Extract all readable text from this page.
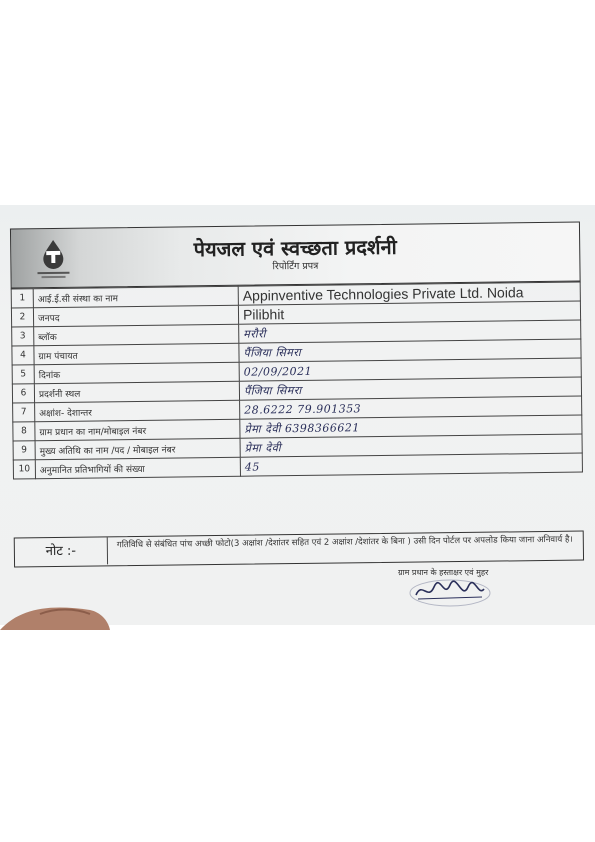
पेयजल एवं स्वच्छता प्रदर्शनी
रिपोर्टिंग प्रपत्र
1	आई.ई.सी संस्था का नाम	Appinventive Technologies Private Ltd. Noida
2	जनपद	Pilibhit
3	ब्लॉक	मरौरी
4	ग्राम पंचायत	पैंजिया सिमरा
5	दिनांक	02/09/2021
6	प्रदर्शनी स्थल	पैंजिया सिमरा
7	अक्षांश- देशान्तर	28.6222 79.901353
8	ग्राम प्रधान का नाम/मोबाइल नंबर	प्रेमा देवी 6398366621
9	मुख्य अतिथि का नाम /पद / मोबाइल नंबर	प्रेमा देवी
10	अनुमानित प्रतिभागियों की संख्या	45
नोट :-
गतिविधि से संबंधित पांच अच्छी फोटो(3 अक्षांश /देशांतर सहित एवं 2 अक्षांश /देशांतर के बिना ) उसी दिन पोर्टल पर अपलोड किया जाना अनिवार्य है।
ग्राम प्रधान के हस्ताक्षर एवं मुहर
